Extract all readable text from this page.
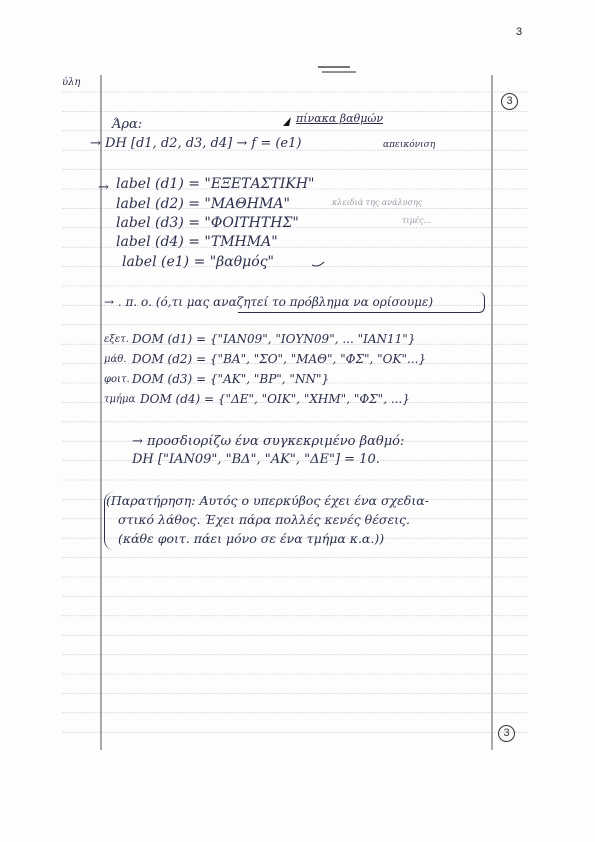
3
ύλη
3
Άρα:	πίνακα βαθμών
→ DH [d1, d2, d3, d4] → f = (e1)	απεικόνιση
→ label (d1) = "ΕΞΕΤΑΣΤΙΚΗ"
label (d2) = "ΜΑΘΗΜΑ"
label (d3) = "ΦΟΙΤΗΤΗΣ"
label (d4) = "ΤΜΗΜΑ"
label (e1) = "βαθμός"
κλειδιά της ανάλυσης
τιμές...
→ . π. ο. (ό,τι μας αναζητεί το πρόβλημα να ορίσουμε)
εξετ. DOM (d1) = {"ΙΑΝ09", "ΙΟΥΝ09", ... "ΙΑΝ11"}
μάθ. DOM (d2) = {"ΒΑ", "ΣΟ", "ΜΑΘ", "ΦΣ", "ΟΚ"...}
φοιτ. DOM (d3) = {"ΑΚ", "ΒΡ", "ΝΝ"}
τμήμα DOM (d4) = {"ΔΕ", "ΟΙΚ", "ΧΗΜ", "ΦΣ", ...}
→ προσδιορίζω ένα συγκεκριμένο βαθμό:
DH ["ΙΑΝ09", "ΒΔ", "ΑΚ", "ΔΕ"] = 10.
(Παρατήρηση: Αυτός ο υπερκύβος έχει ένα σχεδια-
στικό λάθος. Έχει πάρα πολλές κενές θέσεις.
(κάθε φοιτ. πάει μόνο σε ένα τμήμα κ.α.))
3
